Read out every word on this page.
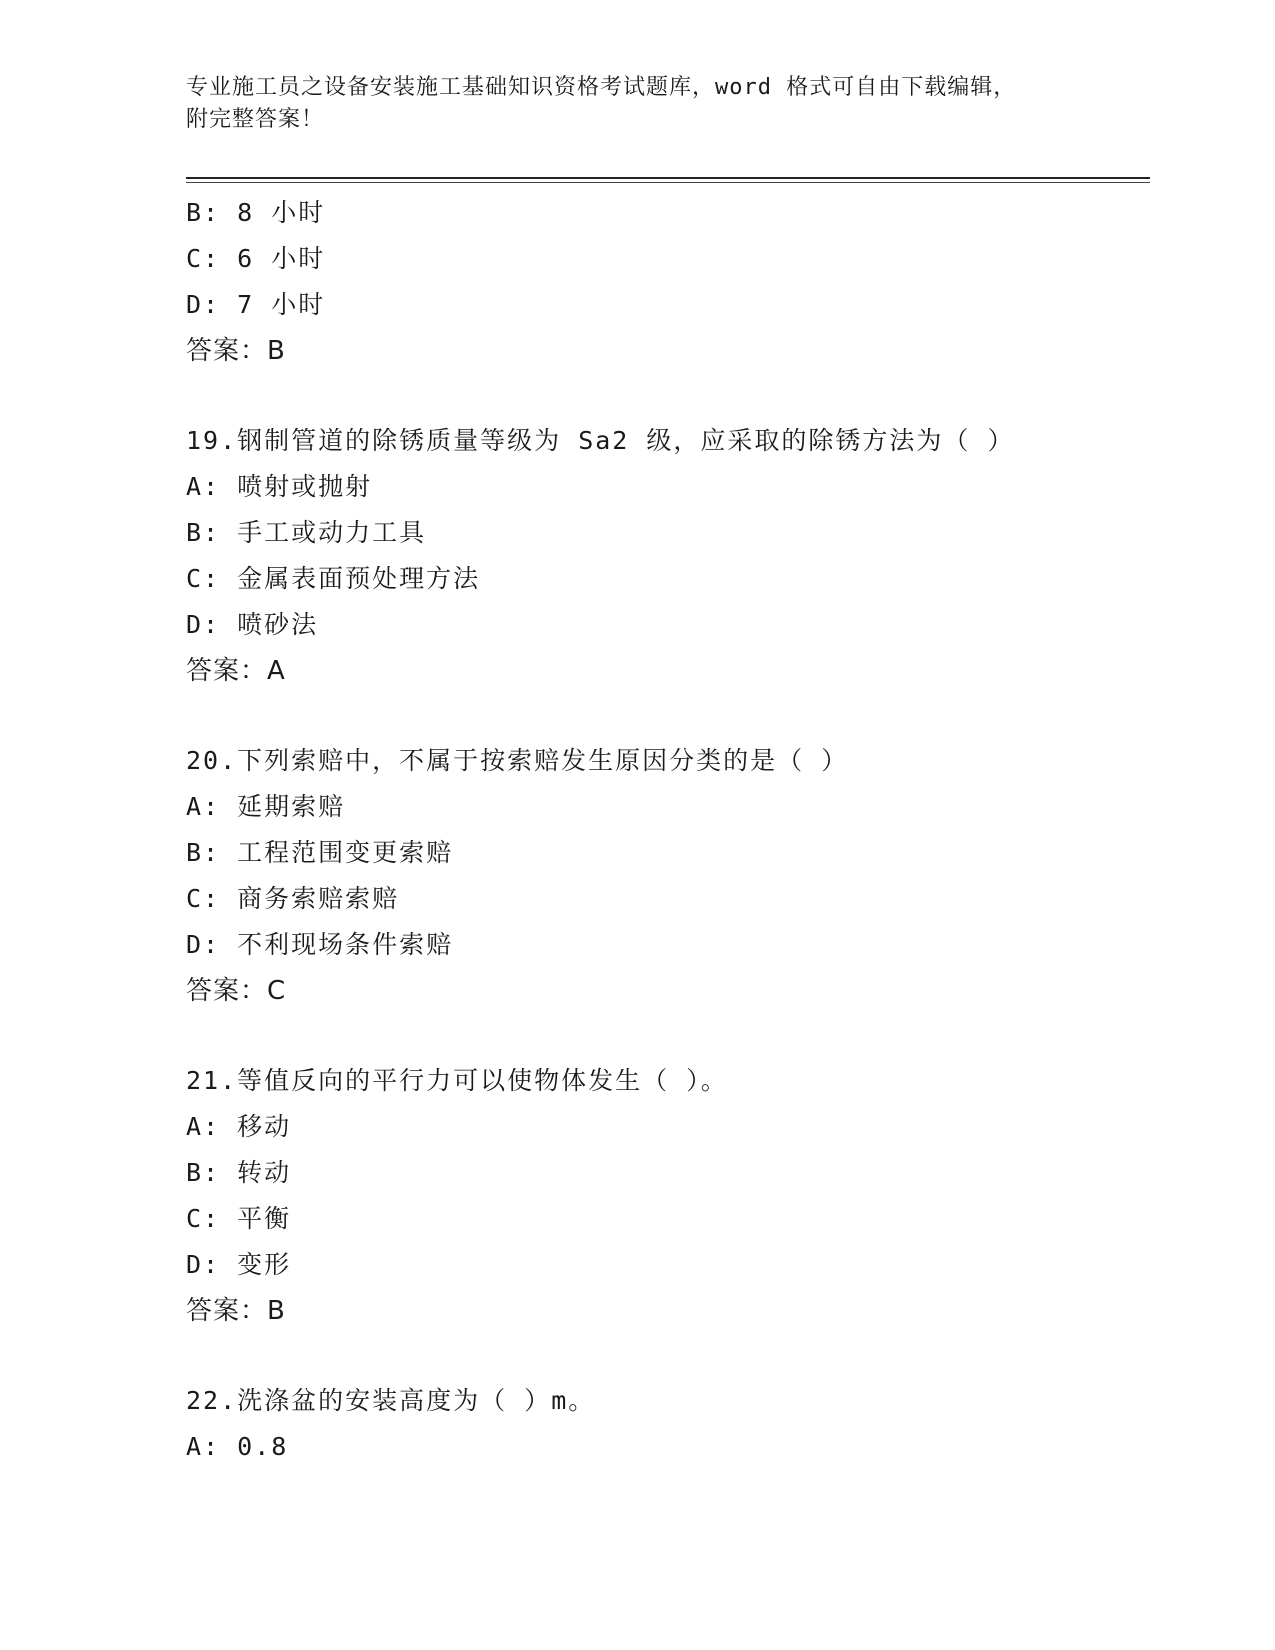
专业施工员之设备安装施工基础知识资格考试题库，word 格式可自由下载编辑，
附完整答案！
B: 8 小时
C: 6 小时
D: 7 小时
答案：B
19.钢制管道的除锈质量等级为 Sa2 级，应采取的除锈方法为（ ）
A: 喷射或抛射
B: 手工或动力工具
C: 金属表面预处理方法
D: 喷砂法
答案：A
20.下列索赔中，不属于按索赔发生原因分类的是（ ）
A: 延期索赔
B: 工程范围变更索赔
C: 商务索赔索赔
D: 不利现场条件索赔
答案：C
21.等值反向的平行力可以使物体发生（ ）。
A: 移动
B: 转动
C: 平衡
D: 变形
答案：B
22.洗涤盆的安装高度为（ ）m。
A: 0.8
